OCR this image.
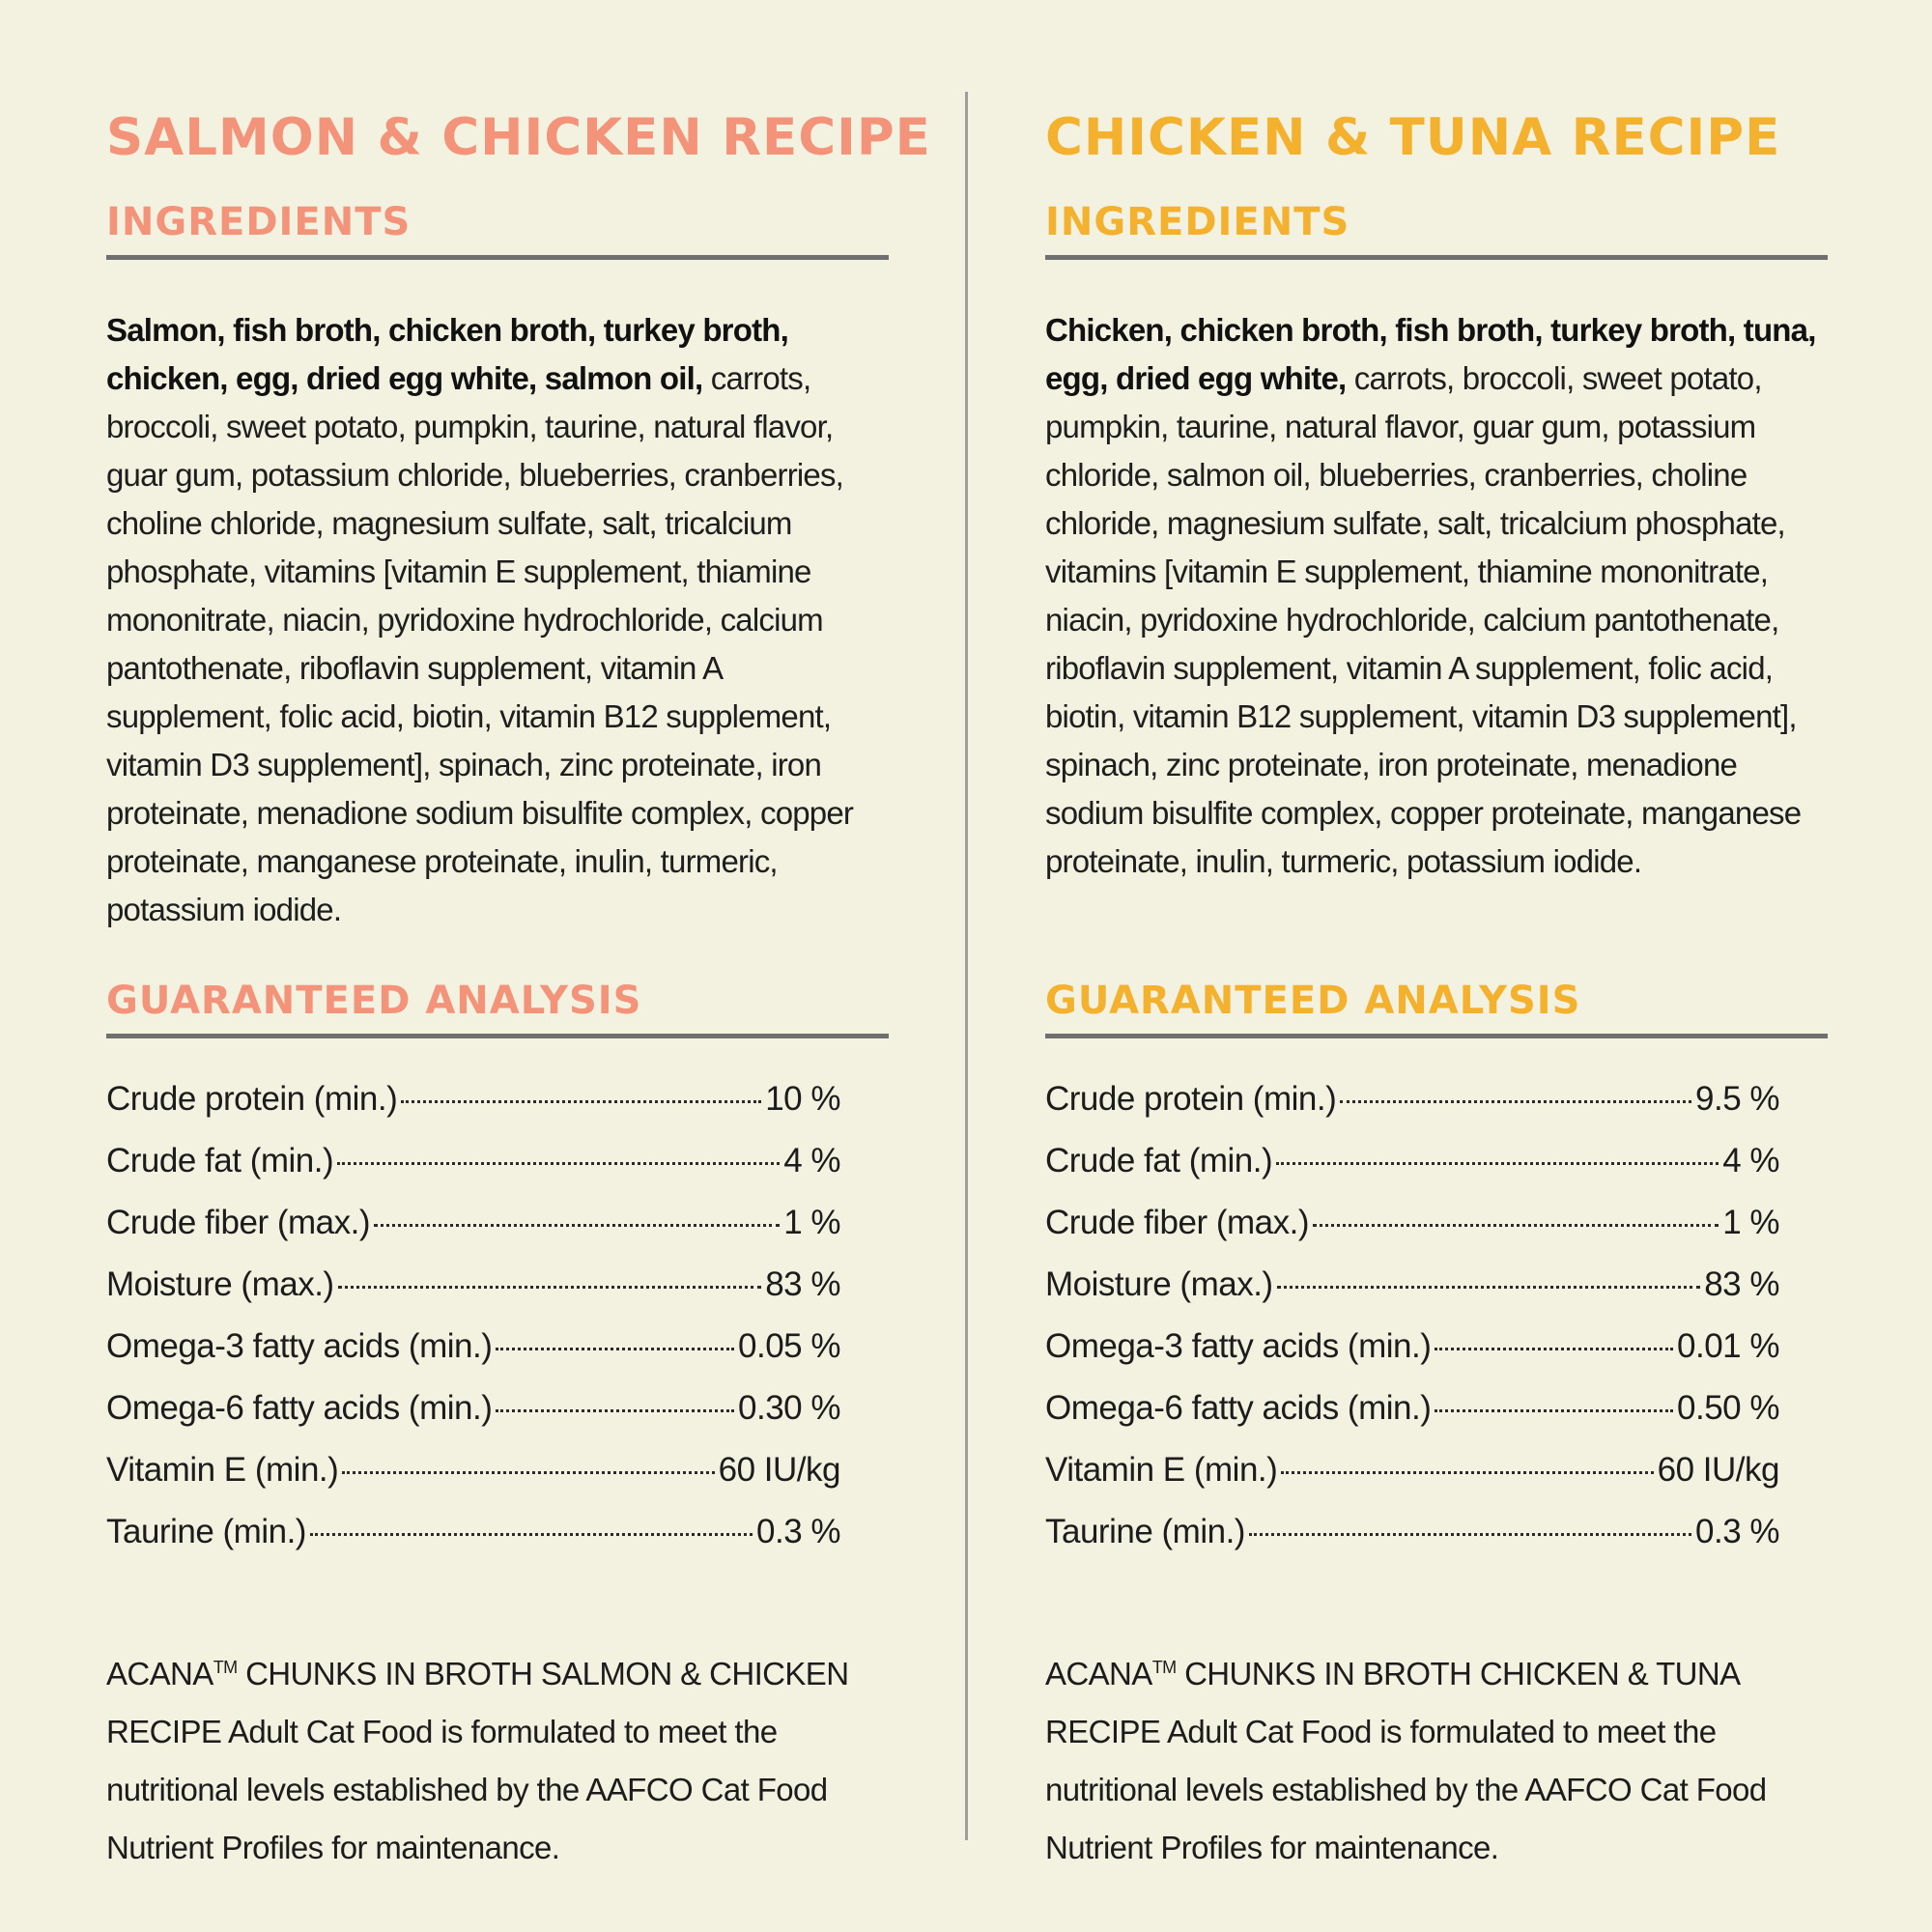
SALMON & CHICKEN RECIPE
INGREDIENTS
Salmon, fish broth, chicken broth, turkey broth, chicken, egg, dried egg white, salmon oil, carrots, broccoli, sweet potato, pumpkin, taurine, natural flavor, guar gum, potassium chloride, blueberries, cranberries, choline chloride, magnesium sulfate, salt, tricalcium phosphate, vitamins [vitamin E supplement, thiamine mononitrate, niacin, pyridoxine hydrochloride, calcium pantothenate, riboflavin supplement, vitamin A supplement, folic acid, biotin, vitamin B12 supplement, vitamin D3 supplement], spinach, zinc proteinate, iron proteinate, menadione sodium bisulfite complex, copper proteinate, manganese proteinate, inulin, turmeric, potassium iodide.
GUARANTEED ANALYSIS
Crude protein (min.)	10 %
Crude fat (min.)	4 %
Crude fiber (max.)	1 %
Moisture (max.)	83 %
Omega-3 fatty acids (min.)	0.05 %
Omega-6 fatty acids (min.)	0.30 %
Vitamin E (min.)	60 IU/kg
Taurine (min.)	0.3 %

ACANA™ CHUNKS IN BROTH SALMON & CHICKEN RECIPE Adult Cat Food is formulated to meet the nutritional levels established by the AAFCO Cat Food Nutrient Profiles for maintenance.

CHICKEN & TUNA RECIPE
INGREDIENTS
Chicken, chicken broth, fish broth, turkey broth, tuna, egg, dried egg white, carrots, broccoli, sweet potato, pumpkin, taurine, natural flavor, guar gum, potassium chloride, salmon oil, blueberries, cranberries, choline chloride, magnesium sulfate, salt, tricalcium phosphate, vitamins [vitamin E supplement, thiamine mononitrate, niacin, pyridoxine hydrochloride, calcium pantothenate, riboflavin supplement, vitamin A supplement, folic acid, biotin, vitamin B12 supplement, vitamin D3 supplement], spinach, zinc proteinate, iron proteinate, menadione sodium bisulfite complex, copper proteinate, manganese proteinate, inulin, turmeric, potassium iodide.
GUARANTEED ANALYSIS
Crude protein (min.)	9.5 %
Crude fat (min.)	4 %
Crude fiber (max.)	1 %
Moisture (max.)	83 %
Omega-3 fatty acids (min.)	0.01 %
Omega-6 fatty acids (min.)	0.50 %
Vitamin E (min.)	60 IU/kg
Taurine (min.)	0.3 %

ACANA™ CHUNKS IN BROTH CHICKEN & TUNA RECIPE Adult Cat Food is formulated to meet the nutritional levels established by the AAFCO Cat Food Nutrient Profiles for maintenance.
